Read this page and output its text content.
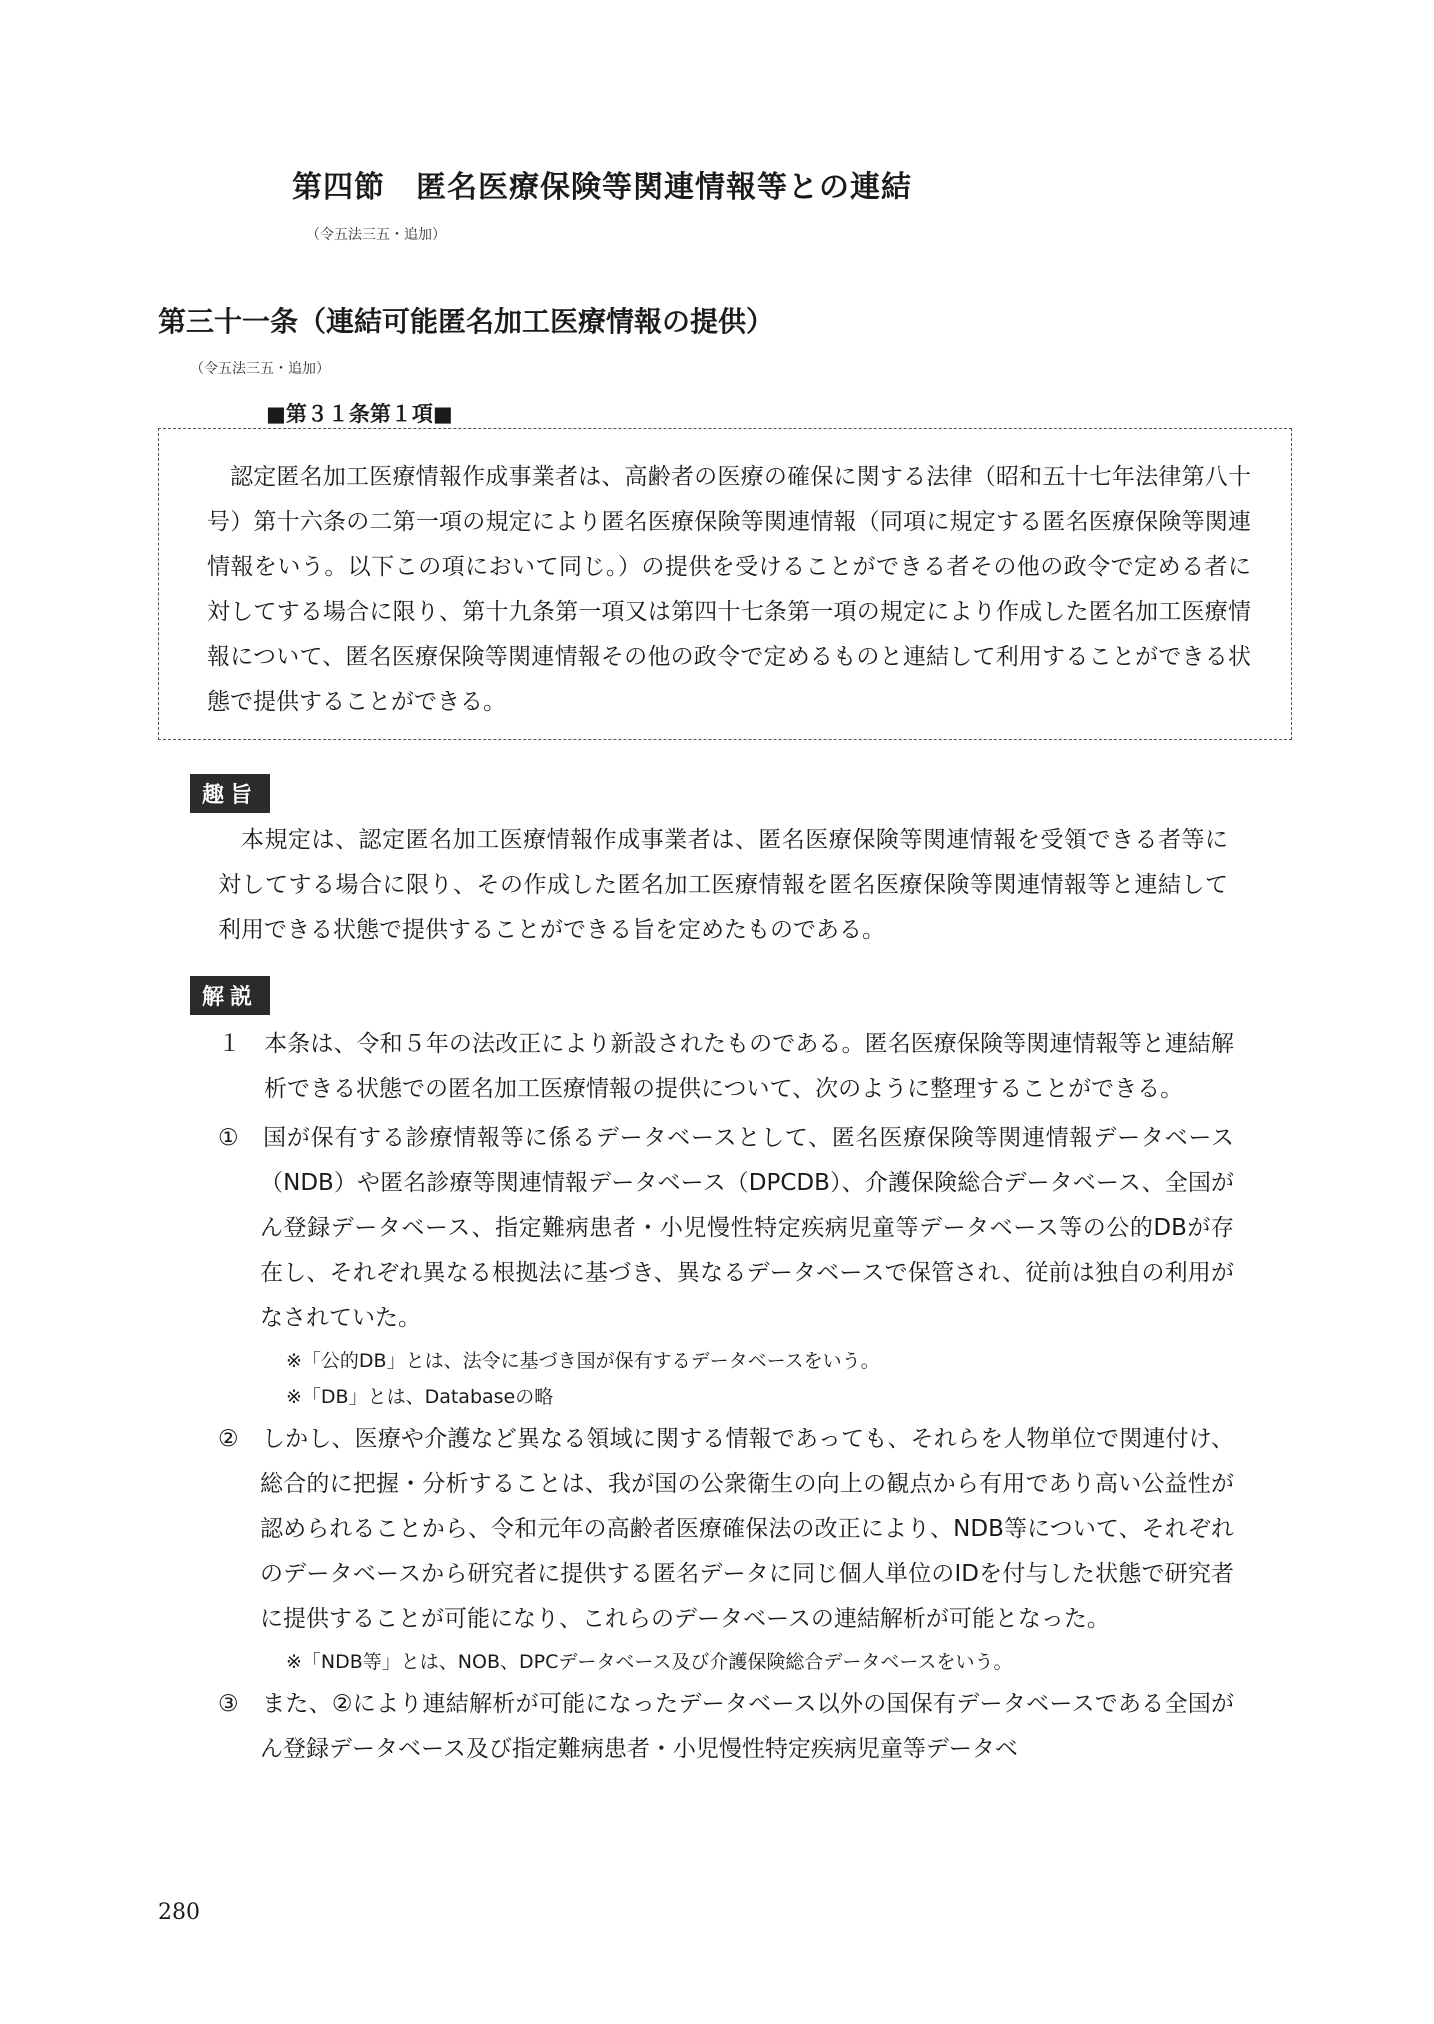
第四節　匿名医療保険等関連情報等との連結
（令五法三五・追加）
第三十一条（連結可能匿名加工医療情報の提供）
（令五法三五・追加）
■第３１条第１項■

認定匿名加工医療情報作成事業者は、高齢者の医療の確保に関する法律（昭和五十七年法律第八十号）第十六条の二第一項の規定により匿名医療保険等関連情報（同項に規定する匿名医療保険等関連情報をいう。以下この項において同じ。）の提供を受けることができる者その他の政令で定める者に対してする場合に限り、第十九条第一項又は第四十七条第一項の規定により作成した匿名加工医療情報について、匿名医療保険等関連情報その他の政令で定めるものと連結して利用することができる状態で提供することができる。

趣旨

本規定は、認定匿名加工医療情報作成事業者は、匿名医療保険等関連情報を受領できる者等に対してする場合に限り、その作成した匿名加工医療情報を匿名医療保険等関連情報等と連結して利用できる状態で提供することができる旨を定めたものである。

解説

１　本条は、令和５年の法改正により新設されたものである。匿名医療保険等関連情報等と連結解析できる状態での匿名加工医療情報の提供について、次のように整理することができる。

①　国が保有する診療情報等に係るデータベースとして、匿名医療保険等関連情報データベース（NDB）や匿名診療等関連情報データベース（DPCDB）、介護保険総合データベース、全国がん登録データベース、指定難病患者・小児慢性特定疾病児童等データベース等の公的DBが存在し、それぞれ異なる根拠法に基づき、異なるデータベースで保管され、従前は独自の利用がなされていた。

※「公的DB」とは、法令に基づき国が保有するデータベースをいう。

※「DB」とは、Databaseの略

②　しかし、医療や介護など異なる領域に関する情報であっても、それらを人物単位で関連付け、総合的に把握・分析することは、我が国の公衆衛生の向上の観点から有用であり高い公益性が認められることから、令和元年の高齢者医療確保法の改正により、NDB等について、それぞれのデータベースから研究者に提供する匿名データに同じ個人単位のIDを付与した状態で研究者に提供することが可能になり、これらのデータベースの連結解析が可能となった。

※「NDB等」とは、NOB、DPCデータベース及び介護保険総合データベースをいう。

③　また、②により連結解析が可能になったデータベース以外の国保有データベースである全国がん登録データベース及び指定難病患者・小児慢性特定疾病児童等データベ

280
